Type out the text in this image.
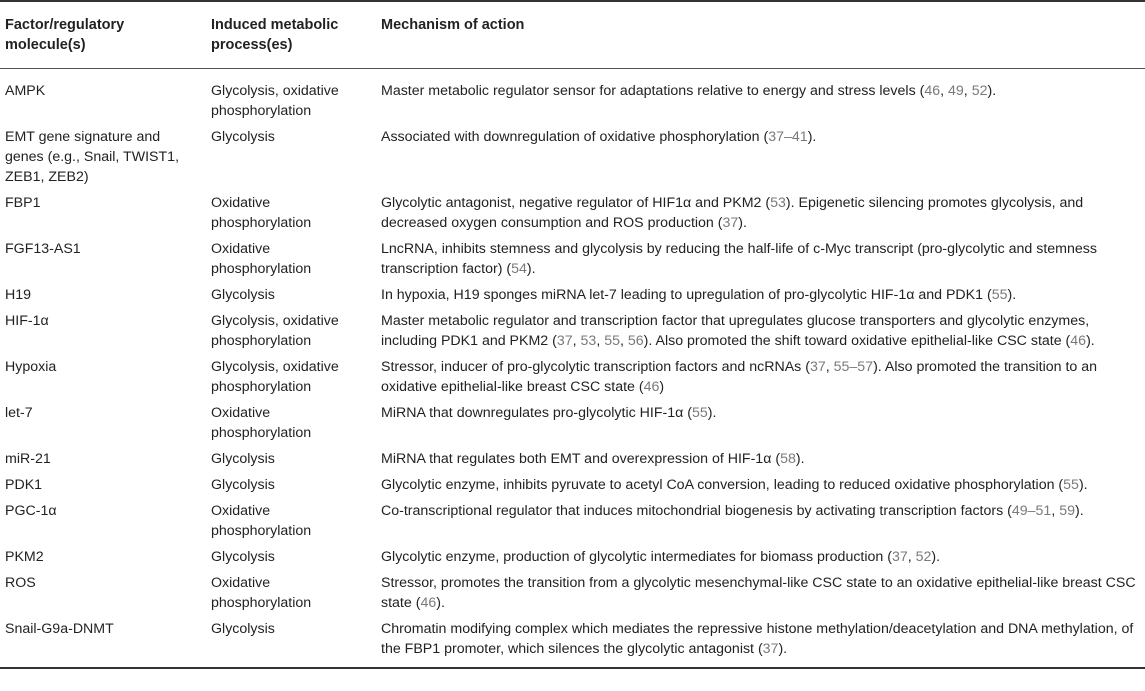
Factor/regulatory molecule(s)	Induced metabolic process(es)	Mechanism of action
AMPK	Glycolysis, oxidative phosphorylation	Master metabolic regulator sensor for adaptations relative to energy and stress levels (46, 49, 52).
EMT gene signature and genes (e.g., Snail, TWIST1, ZEB1, ZEB2)	Glycolysis	Associated with downregulation of oxidative phosphorylation (37–41).
FBP1	Oxidative phosphorylation	Glycolytic antagonist, negative regulator of HIF1α and PKM2 (53). Epigenetic silencing promotes glycolysis, and decreased oxygen consumption and ROS production (37).
FGF13-AS1	Oxidative phosphorylation	LncRNA, inhibits stemness and glycolysis by reducing the half-life of c-Myc transcript (pro-glycolytic and stemness transcription factor) (54).
H19	Glycolysis	In hypoxia, H19 sponges miRNA let-7 leading to upregulation of pro-glycolytic HIF-1α and PDK1 (55).
HIF-1α	Glycolysis, oxidative phosphorylation	Master metabolic regulator and transcription factor that upregulates glucose transporters and glycolytic enzymes, including PDK1 and PKM2 (37, 53, 55, 56). Also promoted the shift toward oxidative epithelial-like CSC state (46).
Hypoxia	Glycolysis, oxidative phosphorylation	Stressor, inducer of pro-glycolytic transcription factors and ncRNAs (37, 55–57). Also promoted the transition to an oxidative epithelial-like breast CSC state (46)
let-7	Oxidative phosphorylation	MiRNA that downregulates pro-glycolytic HIF-1α (55).
miR-21	Glycolysis	MiRNA that regulates both EMT and overexpression of HIF-1α (58).
PDK1	Glycolysis	Glycolytic enzyme, inhibits pyruvate to acetyl CoA conversion, leading to reduced oxidative phosphorylation (55).
PGC-1α	Oxidative phosphorylation	Co-transcriptional regulator that induces mitochondrial biogenesis by activating transcription factors (49–51, 59).
PKM2	Glycolysis	Glycolytic enzyme, production of glycolytic intermediates for biomass production (37, 52).
ROS	Oxidative phosphorylation	Stressor, promotes the transition from a glycolytic mesenchymal-like CSC state to an oxidative epithelial-like breast CSC state (46).
Snail-G9a-DNMT	Glycolysis	Chromatin modifying complex which mediates the repressive histone methylation/deacetylation and DNA methylation, of the FBP1 promoter, which silences the glycolytic antagonist (37).
